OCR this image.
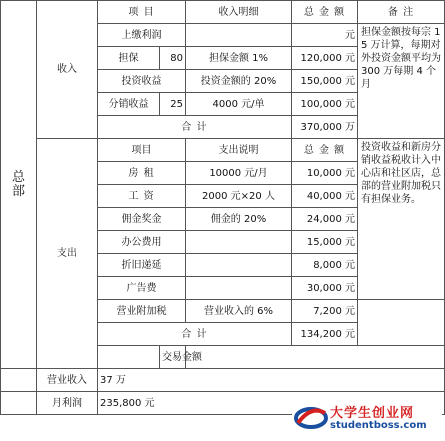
总
部	收入	项 目		收入明细	总 金 额	备 注	
		上缴利润			元	担保金额按每宗 15 万计算，每期对外投资金额平均为 300 万每期 4 个月	
		担保	80	担保金额 1%	120,000 元		
		投资收益		投资金额的 20%	150,000 元		
		分销收益	25	4000 元/单	100,000 元		
		合 计			370,000 万		
	支出	项目		支出说明	总 金 额	投资收益和新房分销收益税收计入中心店和社区店，总部的营业附加税只有担保业务。	
		房 租		10000 元/月	10,000 元		
		工 资		2000 元×20 人	40,000 元		
		佣金奖金		佣金的 20%	24,000 元		
		办公费用			15,000 元		
		折旧递延			8,000 元		
		广告费			30,000 元		
		营业附加税		营业收入的 6%	7,200 元		
		合 计			134,200 元		
			交易金额				
	营业收入	37 万					
	月利润	235,800 元					
大学生创业网
studentboss.com
